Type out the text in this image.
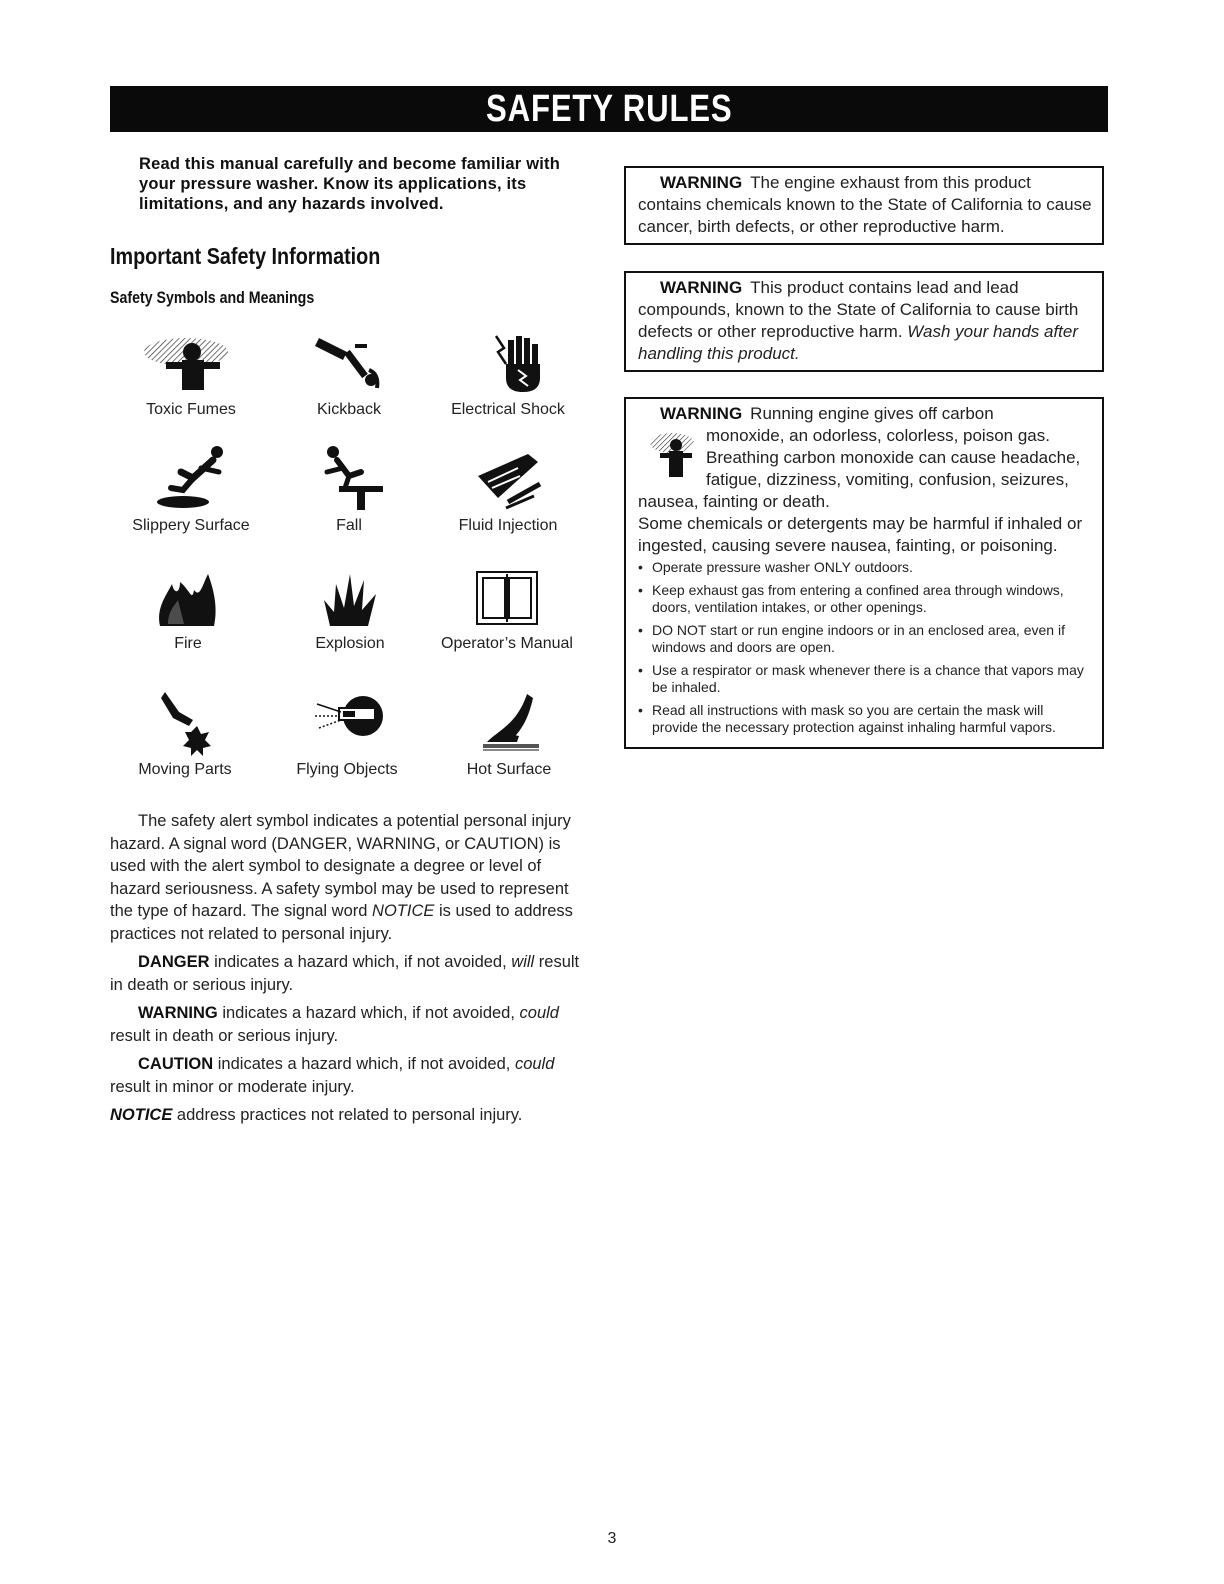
SAFETY RULES
Read this manual carefully and become familiar with your pressure washer. Know its applications, its limitations, and any hazards involved.
Important Safety Information
Safety Symbols and Meanings
Toxic Fumes	Kickback	Electrical Shock
Slippery Surface	Fall	Fluid Injection
Fire	Explosion	Operator’s Manual
Moving Parts	Flying Objects	Hot Surface

The safety alert symbol indicates a potential personal injury hazard. A signal word (DANGER, WARNING, or CAUTION) is used with the alert symbol to designate a degree or level of hazard seriousness. A safety symbol may be used to represent the type of hazard. The signal word NOTICE is used to address practices not related to personal injury.

DANGER indicates a hazard which, if not avoided, will result in death or serious injury.

WARNING indicates a hazard which, if not avoided, could result in death or serious injury.

CAUTION indicates a hazard which, if not avoided, could result in minor or moderate injury.

NOTICE address practices not related to personal injury.

WARNING The engine exhaust from this product contains chemicals known to the State of California to cause cancer, birth defects, or other reproductive harm.
WARNING This product contains lead and lead compounds, known to the State of California to cause birth defects or other reproductive harm. Wash your hands after handling this product.
WARNING Running engine gives off carbon
monoxide, an odorless, colorless, poison gas. Breathing carbon monoxide can cause headache, fatigue, dizziness, vomiting, confusion, seizures,
nausea, fainting or death.
Some chemicals or detergents may be harmful if inhaled or ingested, causing severe nausea, fainting, or poisoning.
• Operate pressure washer ONLY outdoors.
• Keep exhaust gas from entering a confined area through windows, doors, ventilation intakes, or other openings.
• DO NOT start or run engine indoors or in an enclosed area, even if windows and doors are open.
• Use a respirator or mask whenever there is a chance that vapors may be inhaled.
• Read all instructions with mask so you are certain the mask will provide the necessary protection against inhaling harmful vapors.
3
